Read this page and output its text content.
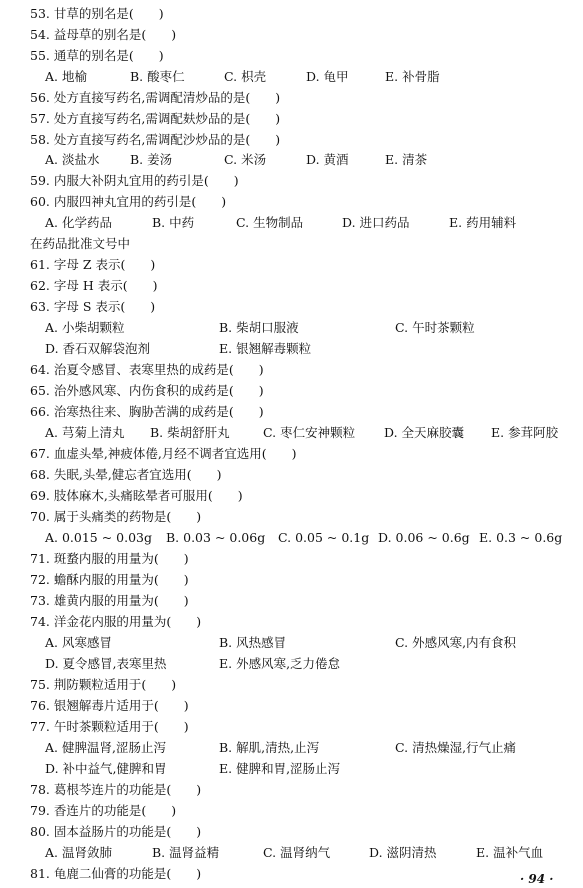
53. 甘草的别名是(　　)
54. 益母草的别名是(　　)
55. 通草的别名是(　　)
A. 地榆	B. 酸枣仁	C. 枳壳	D. 龟甲	E. 补骨脂
56. 处方直接写药名,需调配清炒品的是(　　)
57. 处方直接写药名,需调配麸炒品的是(　　)
58. 处方直接写药名,需调配沙炒品的是(　　)
A. 淡盐水 B. 姜汤	C. 米汤	D. 黄酒	E. 清茶
59. 内服大补阴丸宜用的药引是(　　)
60. 内服四神丸宜用的药引是(　　)
A. 化学药品	B. 中药	C. 生物制品	D. 进口药品	E. 药用辅料
在药品批准文号中
61. 字母 Z 表示(　　)
62. 字母 H 表示(　　)
63. 字母 S 表示(　　)
A. 小柴胡颗粒	B. 柴胡口服液	C. 午时茶颗粒
D. 香石双解袋泡剂	E. 银翘解毒颗粒
64. 治夏令感冒、表寒里热的成药是(　　)
65. 治外感风寒、内伤食积的成药是(　　)
66. 治寒热往来、胸胁苦满的成药是(　　)
A. 芎菊上清丸 B. 柴胡舒肝丸	C. 枣仁安神颗粒 D. 全天麻胶囊 E. 参茸阿胶
67. 血虚头晕,神疲体倦,月经不调者宜选用(　　)
68. 失眠,头晕,健忘者宜选用(　　)
69. 肢体麻木,头痛眩晕者可服用(　　)
70. 属于头痛类的药物是(　　)
A. 0.015 ~ 0.03g B. 0.03 ~ 0.06g C. 0.05 ~ 0.1g D. 0.06 ~ 0.6g E. 0.3 ~ 0.6g
71. 斑蝥内服的用量为(　　)
72. 蟾酥内服的用量为(　　)
73. 雄黄内服的用量为(　　)
74. 洋金花内服的用量为(　　)
A. 风寒感冒	B. 风热感冒	C. 外感风寒,内有食积
D. 夏令感冒,表寒里热	E. 外感风寒,乏力倦怠
75. 荆防颗粒适用于(　　)
76. 银翘解毒片适用于(　　)
77. 午时茶颗粒适用于(　　)
A. 健脾温肾,涩肠止泻	B. 解肌,清热,止泻	C. 清热燥湿,行气止痛
D. 补中益气,健脾和胃	E. 健脾和胃,涩肠止泻
78. 葛根芩连片的功能是(　　)
79. 香连片的功能是(　　)
80. 固本益肠片的功能是(　　)
A. 温肾敛肺	B. 温肾益精	C. 温肾纳气	D. 滋阴清热	E. 温补气血
81. 龟鹿二仙膏的功能是(　　)	· 94 ·
